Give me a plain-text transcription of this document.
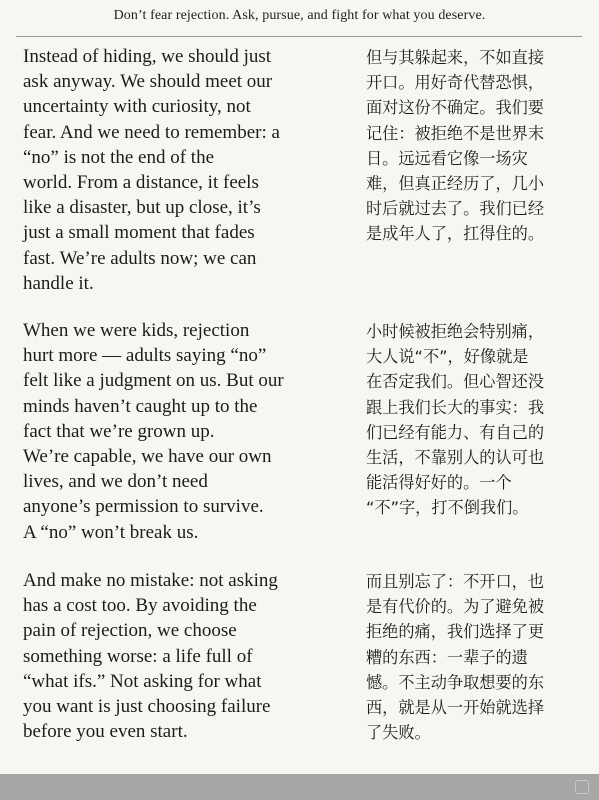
Don’t fear rejection. Ask, pursue, and fight for what you deserve.
Instead of hiding, we should just
ask anyway. We should meet our
uncertainty with curiosity, not
fear. And we need to remember: a
“no” is not the end of the
world. From a distance, it feels
like a disaster, but up close, it’s
just a small moment that fades
fast. We’re adults now; we can
handle it.
但与其躲起来，不如直接
开口。用好奇代替恐惧，
面对这份不确定。我们要
记住：被拒绝不是世界末
日。远远看它像一场灾
难，但真正经历了，几小
时后就过去了。我们已经
是成年人了，扛得住的。
When we were kids, rejection
hurt more — adults saying “no”
felt like a judgment on us. But our
minds haven’t caught up to the
fact that we’re grown up.
We’re capable, we have our own
lives, and we don’t need
anyone’s permission to survive.
A “no” won’t break us.
小时候被拒绝会特别痛，
大人说“不”，好像就是
在否定我们。但心智还没
跟上我们长大的事实：我
们已经有能力、有自己的
生活，不靠别人的认可也
能活得好好的。一个
“不”字，打不倒我们。
And make no mistake: not asking
has a cost too. By avoiding the
pain of rejection, we choose
something worse: a life full of
“what ifs.” Not asking for what
you want is just choosing failure
before you even start.
而且别忘了：不开口，也
是有代价的。为了避免被
拒绝的痛，我们选择了更
糟的东西：一辈子的遗
憾。不主动争取想要的东
西，就是从一开始就选择
了失败。
